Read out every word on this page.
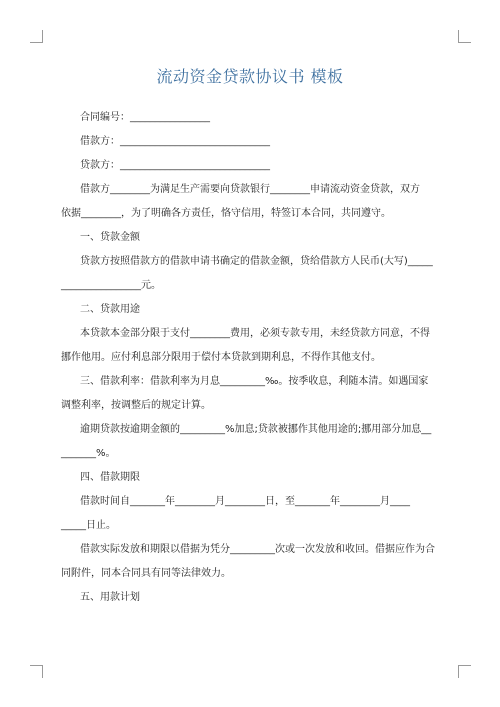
流动资金贷款协议书 模板

合同编号：________________

借款方：______________________________

贷款方：______________________________

借款方________为满足生产需要向贷款银行________申请流动资金贷款，双方

依据________，为了明确各方责任，恪守信用，特签订本合同，共同遵守。

一、贷款金额

贷款方按照借款方的借款申请书确定的借款金额，贷给借款方人民币(大写)_____

________________元。

二、贷款用途

本贷款本金部分限于支付________费用，必须专款专用，未经贷款方同意，不得

挪作他用。应付利息部分限用于偿付本贷款到期利息，不得作其他支付。

三、借款利率：借款利率为月息_________‰。按季收息，利随本清。如遇国家

调整利率，按调整后的规定计算。

逾期贷款按逾期金额的_________%加息;贷款被挪作其他用途的;挪用部分加息__

_______%。

四、借款期限

借款时间自_______年________月________日，至_______年________月____

_____日止。

借款实际发放和期限以借据为凭分_________次或一次发放和收回。借据应作为合

同附件，同本合同具有同等法律效力。

五、用款计划
